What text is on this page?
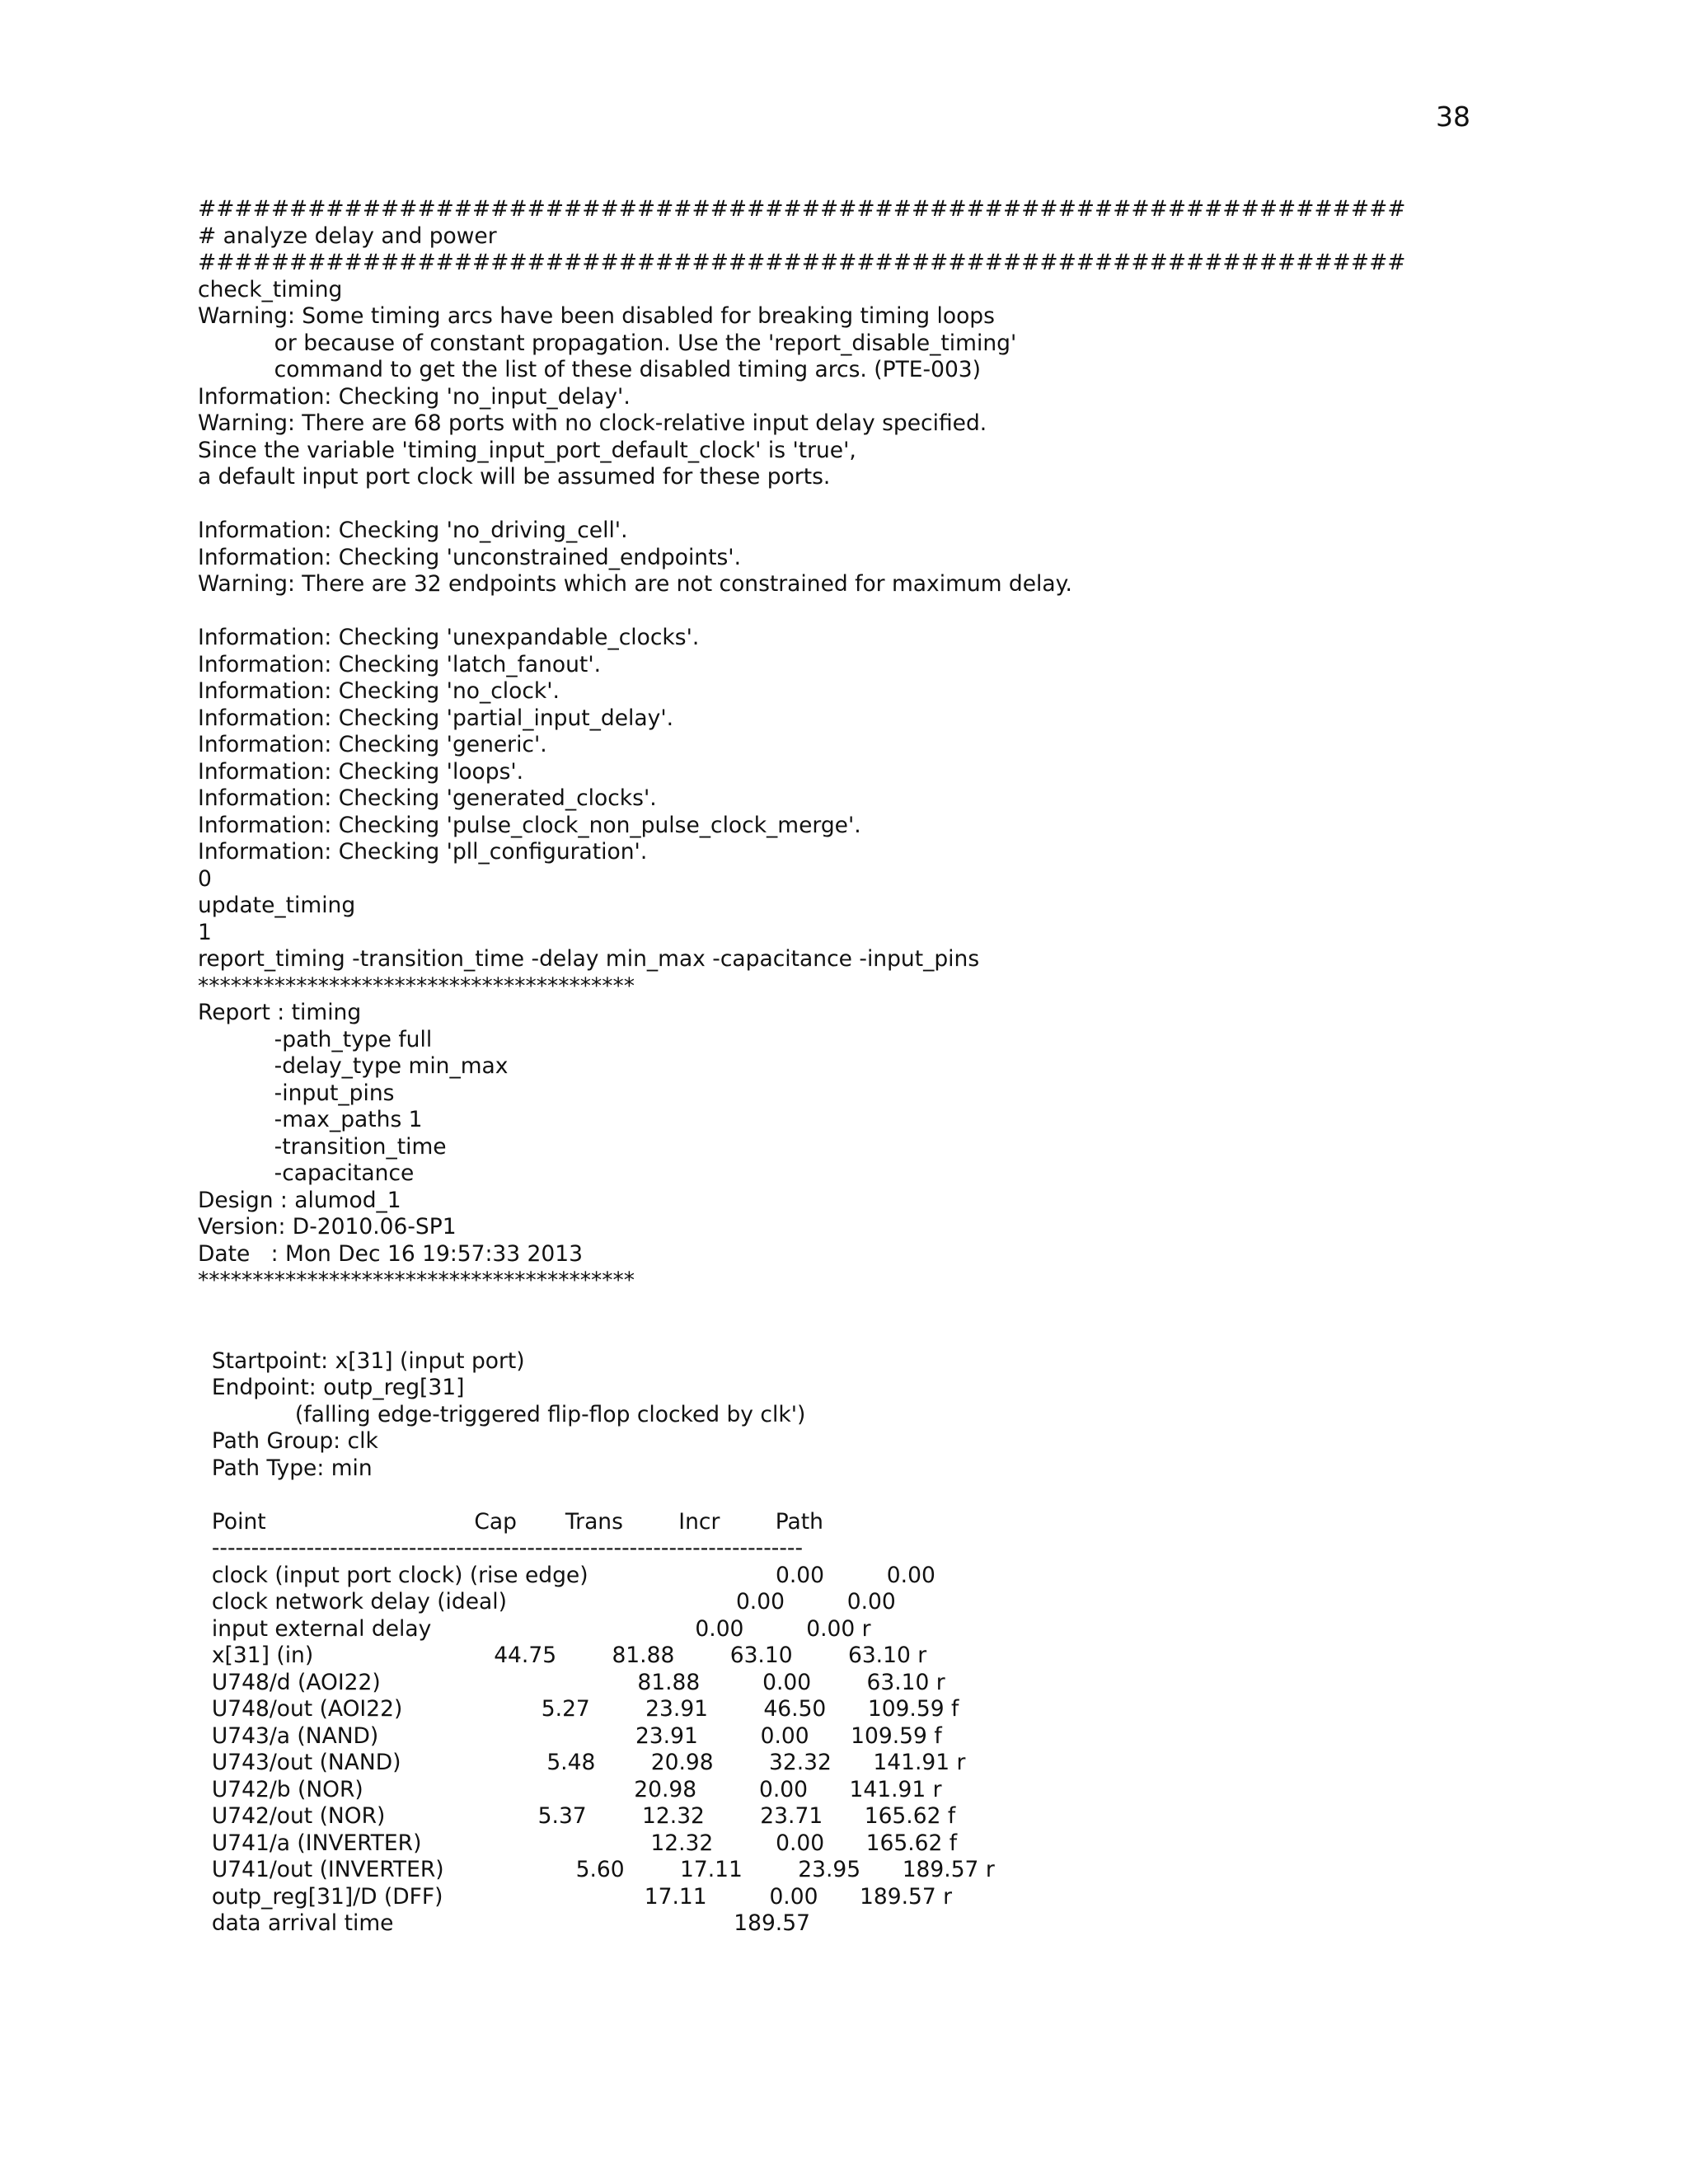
38
##################################################################
# analyze delay and power
##################################################################
check_timing
Warning: Some timing arcs have been disabled for breaking timing loops
or because of constant propagation. Use the 'report_disable_timing'
command to get the list of these disabled timing arcs. (PTE-003)
Information: Checking 'no_input_delay'.
Warning: There are 68 ports with no clock-relative input delay specified.
Since the variable 'timing_input_port_default_clock' is 'true',
a default input port clock will be assumed for these ports.
Information: Checking 'no_driving_cell'.
Information: Checking 'unconstrained_endpoints'.
Warning: There are 32 endpoints which are not constrained for maximum delay.
Information: Checking 'unexpandable_clocks'.
Information: Checking 'latch_fanout'.
Information: Checking 'no_clock'.
Information: Checking 'partial_input_delay'.
Information: Checking 'generic'.
Information: Checking 'loops'.
Information: Checking 'generated_clocks'.
Information: Checking 'pulse_clock_non_pulse_clock_merge'.
Information: Checking 'pll_configuration'.
0
update_timing
1
report_timing -transition_time -delay min_max -capacitance -input_pins
****************************************
Report : timing
-path_type full
-delay_type min_max
-input_pins
-max_paths 1
-transition_time
-capacitance
Design : alumod_1
Version: D-2010.06-SP1
Date   : Mon Dec 16 19:57:33 2013
****************************************
Startpoint: x[31] (input port)
Endpoint: outp_reg[31]
(falling edge-triggered flip-flop clocked by clk')
Path Group: clk
Path Type: min
Point                              Cap       Trans        Incr        Path
---------------------------------------------------------------------------
clock (input port clock) (rise edge)                           0.00         0.00
clock network delay (ideal)                                 0.00         0.00
input external delay                                      0.00         0.00 r
x[31] (in)                          44.75        81.88        63.10        63.10 r
U748/d (AOI22)                                     81.88         0.00        63.10 r
U748/out (AOI22)                    5.27        23.91        46.50      109.59 f
U743/a (NAND)                                     23.91         0.00      109.59 f
U743/out (NAND)                     5.48        20.98        32.32      141.91 r
U742/b (NOR)                                       20.98         0.00      141.91 r
U742/out (NOR)                      5.37        12.32        23.71      165.62 f
U741/a (INVERTER)                                 12.32         0.00      165.62 f
U741/out (INVERTER)                   5.60        17.11        23.95      189.57 r
outp_reg[31]/D (DFF)                             17.11         0.00      189.57 r
data arrival time                                                 189.57
